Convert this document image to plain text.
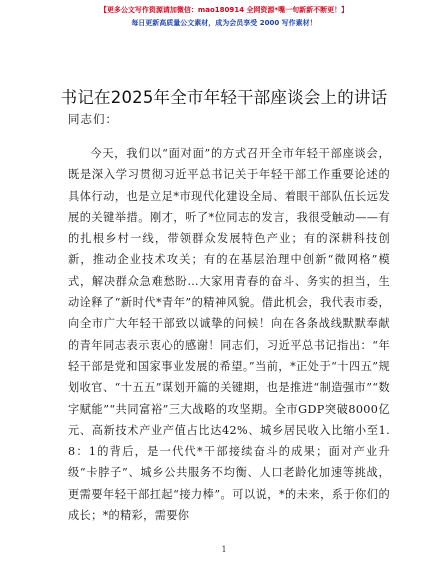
【更多公文写作资源请加微信：mao180914 全网资源*嘴一旬新新不断更！】
每日更新高质量公文素材，成为会员享受 2000 写作素材！
书记在2025年全市年轻干部座谈会上的讲话
同志们：

今天，我们以“面对面”的方式召开全市年轻干部座谈会，既是深入学习贯彻习近平总书记关于年轻干部工作重要论述的具体行动，也是立足*市现代化建设全局、着眼干部队伍长远发展的关键举措。刚才，听了*位同志的发言，我很受触动——有的扎根乡村一线，带领群众发展特色产业；有的深耕科技创新，推动企业技术攻关；有的在基层治理中创新“微网格”模式，解决群众急难愁盼…大家用青春的奋斗、务实的担当，生动诠释了“新时代*青年”的精神风貌。借此机会，我代表市委，向全市广大年轻干部致以诚挚的问候！向在各条战线默默奉献的青年同志表示衷心的感谢！同志们，习近平总书记指出：“年轻干部是党和国家事业发展的希望。”当前，*正处于“十四五”规划收官、“十五五”谋划开篇的关键期，也是推进“制造强市”“数字赋能”“共同富裕”三大战略的攻坚期。全市GDP突破8000亿元、高新技术产业产值占比达42%、城乡居民收入比缩小至1.8：1的背后，是一代代*干部接续奋斗的成果；面对产业升级“卡脖子”、城乡公共服务不均衡、人口老龄化加速等挑战，更需要年轻干部扛起“接力棒”。可以说，*的未来，系于你们的成长；*的精彩，需要你

1
